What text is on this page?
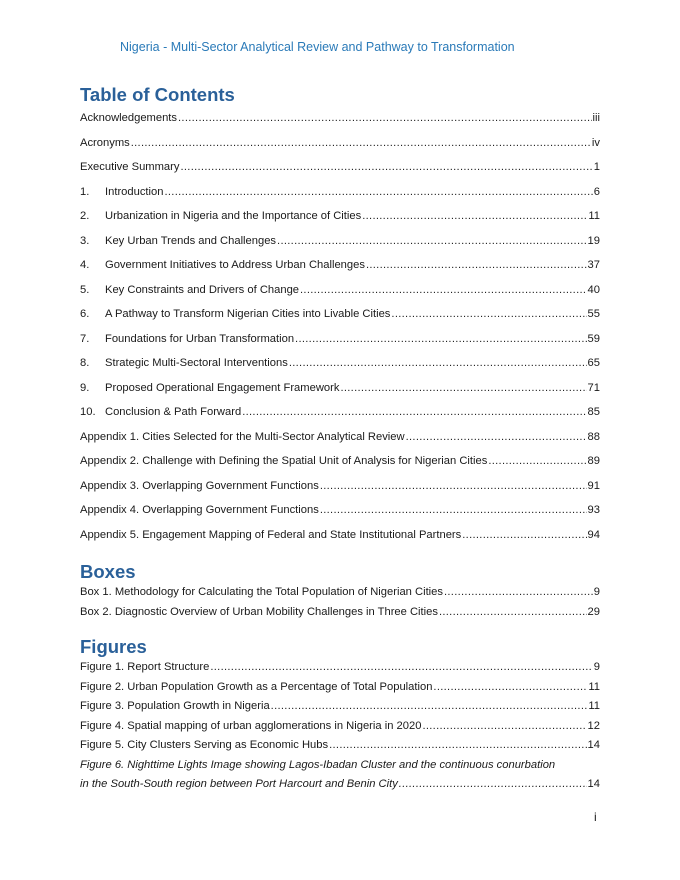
Nigeria - Multi-Sector Analytical Review and Pathway to Transformation
Table of Contents
Acknowledgements .....	iii
Acronyms .....	iv
Executive Summary .....	1
1.	Introduction .....	6
2.	Urbanization in Nigeria and the Importance of Cities .....	11
3.	Key Urban Trends and Challenges .....	19
4.	Government Initiatives to Address Urban Challenges .....	37
5.	Key Constraints and Drivers of Change .....	40
6.	A Pathway to Transform Nigerian Cities into Livable Cities .....	55
7.	Foundations for Urban Transformation .....	59
8.	Strategic Multi-Sectoral Interventions .....	65
9.	Proposed Operational Engagement Framework .....	71
10. Conclusion & Path Forward .....	85
Appendix 1. Cities Selected for the Multi-Sector Analytical Review .....	88
Appendix 2. Challenge with Defining the Spatial Unit of Analysis for Nigerian Cities .....	89
Appendix 3. Overlapping Government Functions .....	91
Appendix 4. Overlapping Government Functions .....	93
Appendix 5. Engagement Mapping of Federal and State Institutional Partners .....	94
Boxes
Box 1. Methodology for Calculating the Total Population of Nigerian Cities .....	9
Box 2. Diagnostic Overview of Urban Mobility Challenges in Three Cities .....	29
Figures
Figure 1. Report Structure .....	9
Figure 2. Urban Population Growth as a Percentage of Total Population .....	11
Figure 3. Population Growth in Nigeria .....	11
Figure 4. Spatial mapping of urban agglomerations in Nigeria in 2020 .....	12
Figure 5. City Clusters Serving as Economic Hubs .....	14
Figure 6. Nighttime Lights Image showing Lagos-Ibadan Cluster and the continuous conurbation
in the South-South region between Port Harcourt and Benin City .....	14
i
